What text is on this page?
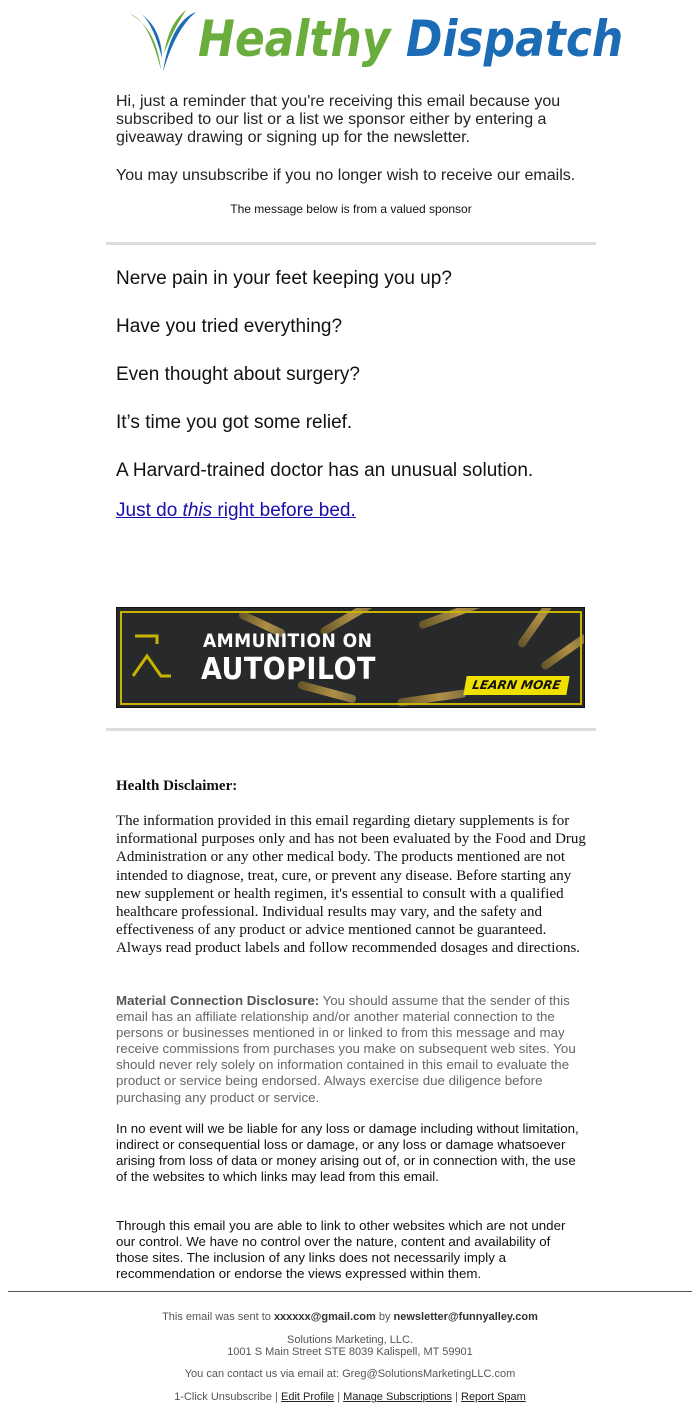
Healthy Dispatch

Hi, just a reminder that you're receiving this email because you subscribed to our list or a list we sponsor either by entering a giveaway drawing or signing up for the newsletter.

You may unsubscribe if you no longer wish to receive our emails.

The message below is from a valued sponsor

Nerve pain in your feet keeping you up?

Have you tried everything?

Even thought about surgery?

It’s time you got some relief.

A Harvard-trained doctor has an unusual solution.

Just do this right before bed.
AMMUNITION ON
AUTOPILOT	LEARN MORE

Health Disclaimer:

The information provided in this email regarding dietary supplements is for informational purposes only and has not been evaluated by the Food and Drug Administration or any other medical body. The products mentioned are not intended to diagnose, treat, cure, or prevent any disease. Before starting any new supplement or health regimen, it's essential to consult with a qualified healthcare professional. Individual results may vary, and the safety and effectiveness of any product or advice mentioned cannot be guaranteed. Always read product labels and follow recommended dosages and directions.

Material Connection Disclosure: You should assume that the sender of this email has an affiliate relationship and/or another material connection to the persons or businesses mentioned in or linked to from this message and may receive commissions from purchases you make on subsequent web sites. You should never rely solely on information contained in this email to evaluate the product or service being endorsed. Always exercise due diligence before purchasing any product or service.

In no event will we be liable for any loss or damage including without limitation, indirect or consequential loss or damage, or any loss or damage whatsoever arising from loss of data or money arising out of, or in connection with, the use of the websites to which links may lead from this email.

Through this email you are able to link to other websites which are not under our control. We have no control over the nature, content and availability of those sites. The inclusion of any links does not necessarily imply a recommendation or endorse the views expressed within them.

This email was sent to xxxxxx@gmail.com by newsletter@funnyalley.com

Solutions Marketing, LLC.
1001 S Main Street STE 8039 Kalispell, MT 59901

You can contact us via email at: Greg@SolutionsMarketingLLC.com

1-Click Unsubscribe | Edit Profile | Manage Subscriptions | Report Spam
